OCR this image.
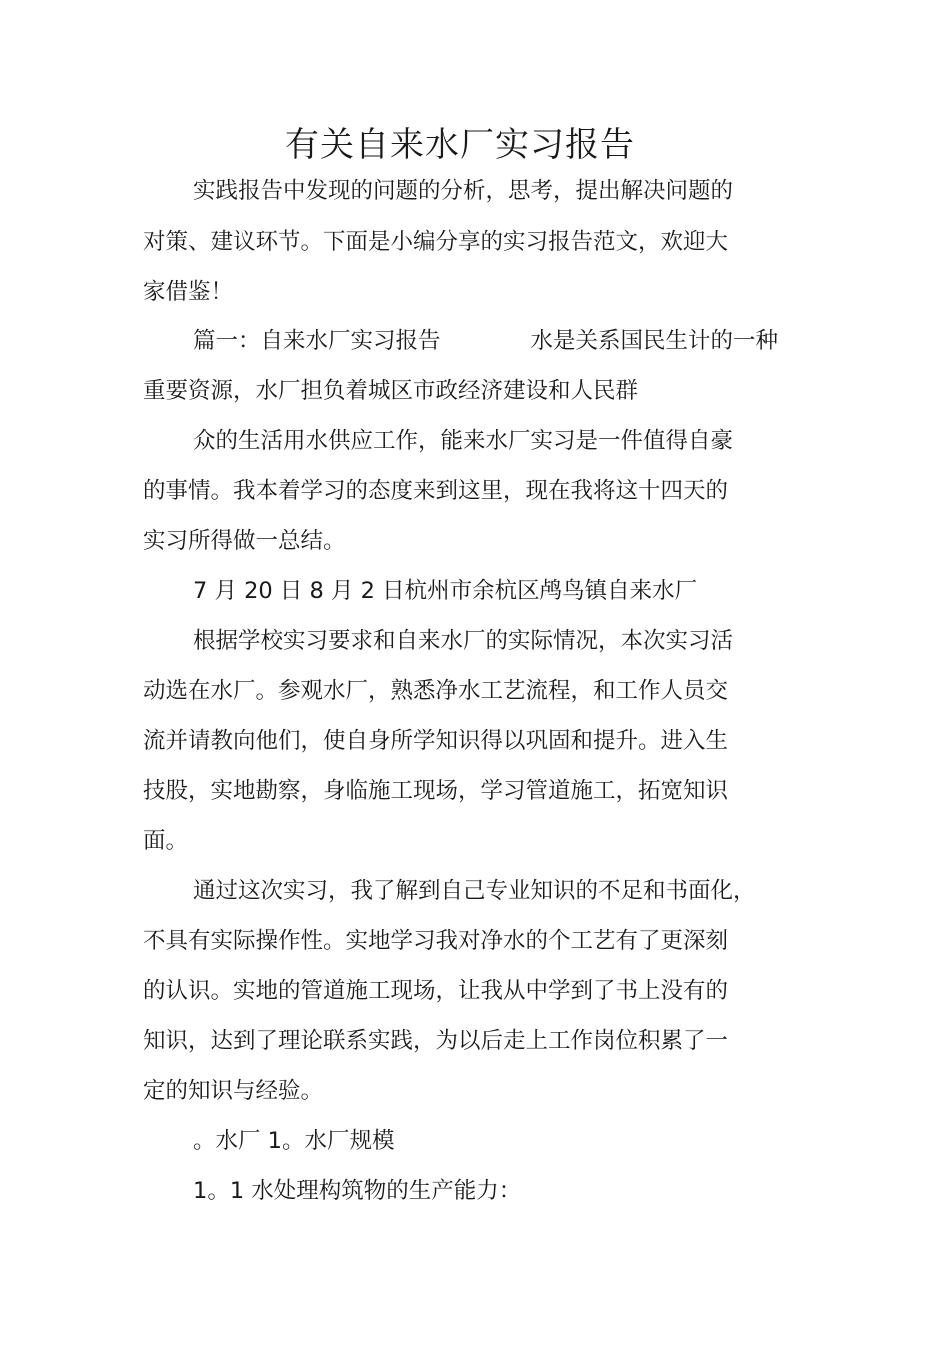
有关自来水厂实习报告

实践报告中发现的问题的分析，思考，提出解决问题的

对策、建议环节。下面是小编分享的实习报告范文，欢迎大

家借鉴！

篇一：自来水厂实习报告　　　　水是关系国民生计的一种

重要资源，水厂担负着城区市政经济建设和人民群

众的生活用水供应工作，能来水厂实习是一件值得自豪

的事情。我本着学习的态度来到这里，现在我将这十四天的

实习所得做一总结。

7 月 20 日 8 月 2 日杭州市余杭区鸬鸟镇自来水厂

根据学校实习要求和自来水厂的实际情况，本次实习活

动选在水厂。参观水厂，熟悉净水工艺流程，和工作人员交

流并请教向他们，使自身所学知识得以巩固和提升。进入生

技股，实地勘察，身临施工现场，学习管道施工，拓宽知识

面。

通过这次实习，我了解到自己专业知识的不足和书面化，

不具有实际操作性。实地学习我对净水的个工艺有了更深刻

的认识。实地的管道施工现场，让我从中学到了书上没有的

知识，达到了理论联系实践，为以后走上工作岗位积累了一

定的知识与经验。

。水厂 1。水厂规模

1。1 水处理构筑物的生产能力：
